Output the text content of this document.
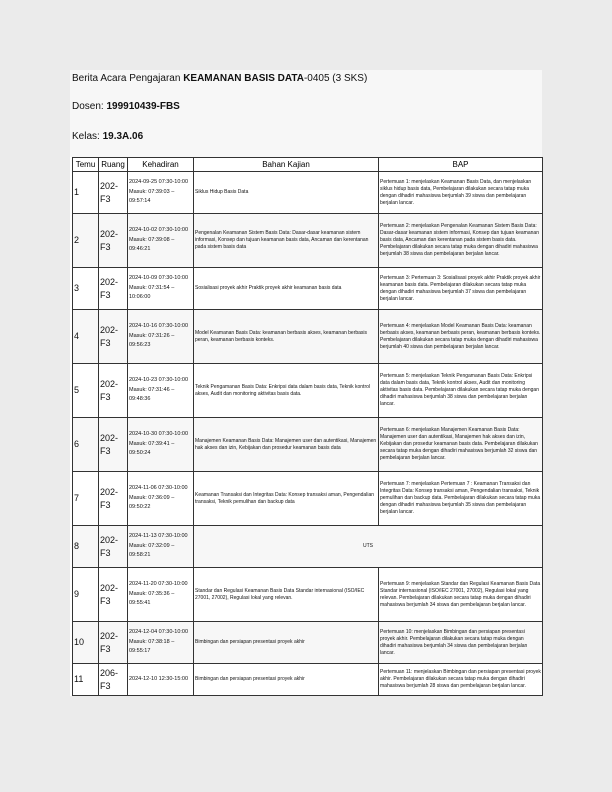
Berita Acara Pengajaran KEAMANAN BASIS DATA-0405 (3 SKS)
Dosen: 199910439-FBS
Kelas: 19.3A.06
Temu	Ruang	Kehadiran	Bahan Kajian	BAP
1	202-F3	2024-09-25 07:30-10:00 Masuk: 07:39:03 – 09:57:14	Siklus Hidup Basis Data	Pertemuan 1: menjelaskan Keamanan Basis Data, dan menjelaskan siklus hidup basis data, Pembelajaran dilakukan secara tatap muka dengan dihadiri mahasiswa berjumlah 39 siswa dan pembelajaran berjalan lancar.
2	202-F3	2024-10-02 07:30-10:00 Masuk: 07:39:08 – 09:46:21	Pengenalan Keamanan Sistem Basis Data: Dasar-dasar keamanan sistem informasi, Konsep dan tujuan keamanan basis data, Ancaman dan kerentanan pada sistem basis data	Pertemuan 2: menjelaskan Pengenalan Keamanan Sistem Basis Data: Dasar-dasar keamanan sistem informasi, Konsep dan tujuan keamanan basis data, Ancaman dan kerentanan pada sistem basis data. Pembelajaran dilakukan secara tatap muka dengan dihadiri mahasiswa berjumlah 38 siswa dan pembelajaran berjalan lancar.
3	202-F3	2024-10-09 07:30-10:00 Masuk: 07:31:54 – 10:06:00	Sosialisasi proyek akhir Praktik proyek akhir keamanan basis data	Pertemuan 3: Pertemuan 3: Sosialisasi proyek akhir Praktik proyek akhir keamanan basis data. Pembelajaran dilakukan secara tatap muka dengan dihadiri mahasiswa berjumlah 37 siswa dan pembelajaran berjalan lancar.
4	202-F3	2024-10-16 07:30-10:00 Masuk: 07:31:26 – 09:56:23	Model Keamanan Basis Data: keamanan berbasis akses, keamanan berbasis peran, keamanan berbasis konteks.	Pertemuan 4: menjelaskan Model Keamanan Basis Data: keamanan berbasis akses, keamanan berbasis peran, keamanan berbasis konteks. Pembelajaran dilakukan secara tatap muka dengan dihadiri mahasiswa berjumlah 40 siswa dan pembelajaran berjalan lancar.
5	202-F3	2024-10-23 07:30-10:00 Masuk: 07:31:46 – 09:48:36	Teknik Pengamanan Basis Data: Enkripsi data dalam basis data, Teknik kontrol akses, Audit dan monitoring aktivitas basis data.	Pertemuan 5: menjelaskan Teknik Pengamanan Basis Data: Enkripsi data dalam basis data, Teknik kontrol akses, Audit dan monitoring aktivitas basis data. Pembelajaran dilakukan secara tatap muka dengan dihadiri mahasiswa berjumlah 38 siswa dan pembelajaran berjalan lancar.
6	202-F3	2024-10-30 07:30-10:00 Masuk: 07:39:41 – 09:50:24	Manajemen Keamanan Basis Data: Manajemen user dan autentikasi, Manajemen hak akses dan izin, Kebijakan dan prosedur keamanan basis data	Pertemuan 6: menjelaskan Manajemen Keamanan Basis Data: Manajemen user dan autentikasi, Manajemen hak akses dan izin, Kebijakan dan prosedur keamanan basis data. Pembelajaran dilakukan secara tatap muka dengan dihadiri mahasiswa berjumlah 32 siswa dan pembelajaran berjalan lancar.
7	202-F3	2024-11-06 07:30-10:00 Masuk: 07:36:09 – 09:50:22	Keamanan Transaksi dan Integritas Data: Konsep transaksi aman, Pengendalian transaksi, Teknik pemulihan dan backup data	Pertemuan 7: menjelaskan Pertemuan 7 : Keamanan Transaksi dan Integritas Data: Konsep transaksi aman, Pengendalian transaksi, Teknik pemulihan dan backup data. Pembelajaran dilakukan secara tatap muka dengan dihadiri mahasiswa berjumlah 35 siswa dan pembelajaran berjalan lancar.
8	202-F3	2024-11-13 07:30-10:00 Masuk: 07:32:09 – 09:58:21	UTS	
9	202-F3	2024-11-20 07:30-10:00 Masuk: 07:35:36 – 09:55:41	Standar dan Regulasi Keamanan Basis Data Standar internasional (ISO/IEC 27001, 27002), Regulasi lokal yang relevan.	Pertemuan 9: menjelaskan Standar dan Regulasi Keamanan Basis Data Standar internasional (ISO/IEC 27001, 27002), Regulasi lokal yang relevan. Pembelajaran dilakukan secara tatap muka dengan dihadiri mahasiswa berjumlah 34 siswa dan pembelajaran berjalan lancar.
10	202-F3	2024-12-04 07:30-10:00 Masuk: 07:38:18 – 09:55:17	Bimbingan dan persiapan presentasi proyek akhir	Pertemuan 10: menjelaskan Bimbingan dan persiapan presentasi proyek akhir. Pembelajaran dilakukan secara tatap muka dengan dihadiri mahasiswa berjumlah 34 siswa dan pembelajaran berjalan lancar.
11	206-F3	2024-12-10 12:30-15:00	Bimbingan dan persiapan presentasi proyek akhir	Pertemuan 11: menjelaskan Bimbingan dan persiapan presentasi proyek akhir. Pembelajaran dilakukan secara tatap muka dengan dihadiri mahasiswa berjumlah 28 siswa dan pembelajaran berjalan lancar.
